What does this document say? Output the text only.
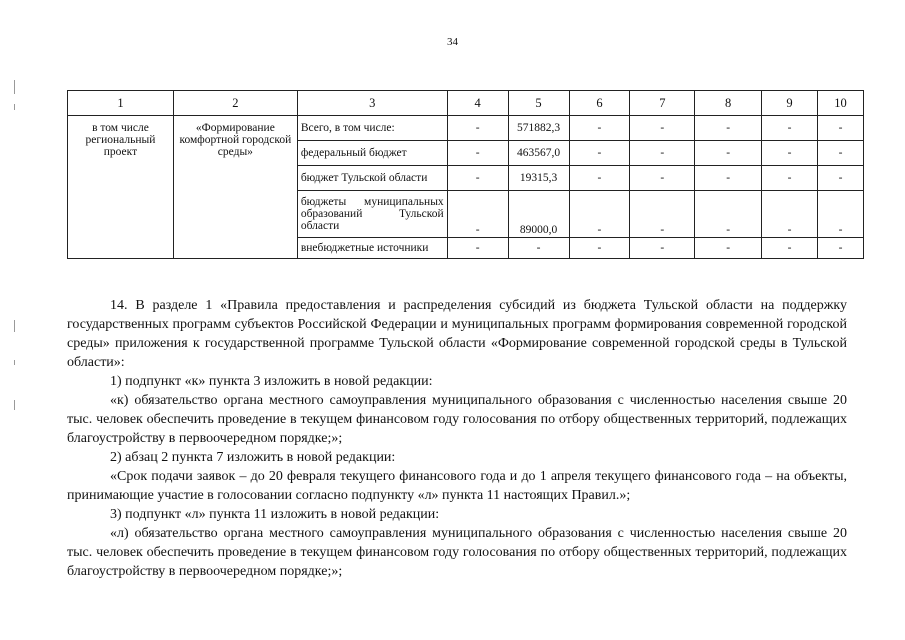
34
1	2	3	4	5	6	7	8	9	10
в том числе региональный проект	«Формирование комфортной городской среды»	Всего, в том числе:	-	571882,3	-	-	-	-	-
		федеральный бюджет	-	463567,0	-	-	-	-	-
		бюджет Тульской области	-	19315,3	-	-	-	-	-
		бюджеты муниципальных образований Тульской области	-	89000,0	-	-	-	-	-
		внебюджетные источники	-	-	-	-	-	-	-

14. В разделе 1 «Правила предоставления и распределения субсидий из бюджета Тульской области на поддержку государственных программ субъектов Российской Федерации и муниципальных программ формирования современной городской среды» приложения к государственной программе Тульской области «Формирование современной городской среды в Тульской области»:

1) подпункт «к» пункта 3 изложить в новой редакции:

«к) обязательство органа местного самоуправления муниципального образования с численностью населения свыше 20 тыс. человек обеспечить проведение в текущем финансовом году голосования по отбору общественных территорий, подлежащих благоустройству в первоочередном порядке;»;

2) абзац 2 пункта 7 изложить в новой редакции:

«Срок подачи заявок – до 20 февраля текущего финансового года и до 1 апреля текущего финансового года – на объекты, принимающие участие в голосовании согласно подпункту «л» пункта 11 настоящих Правил.»;

3) подпункт «л» пункта 11 изложить в новой редакции:

«л) обязательство органа местного самоуправления муниципального образования с численностью населения свыше 20 тыс. человек обеспечить проведение в текущем финансовом году голосования по отбору общественных территорий, подлежащих благоустройству в первоочередном порядке;»;
